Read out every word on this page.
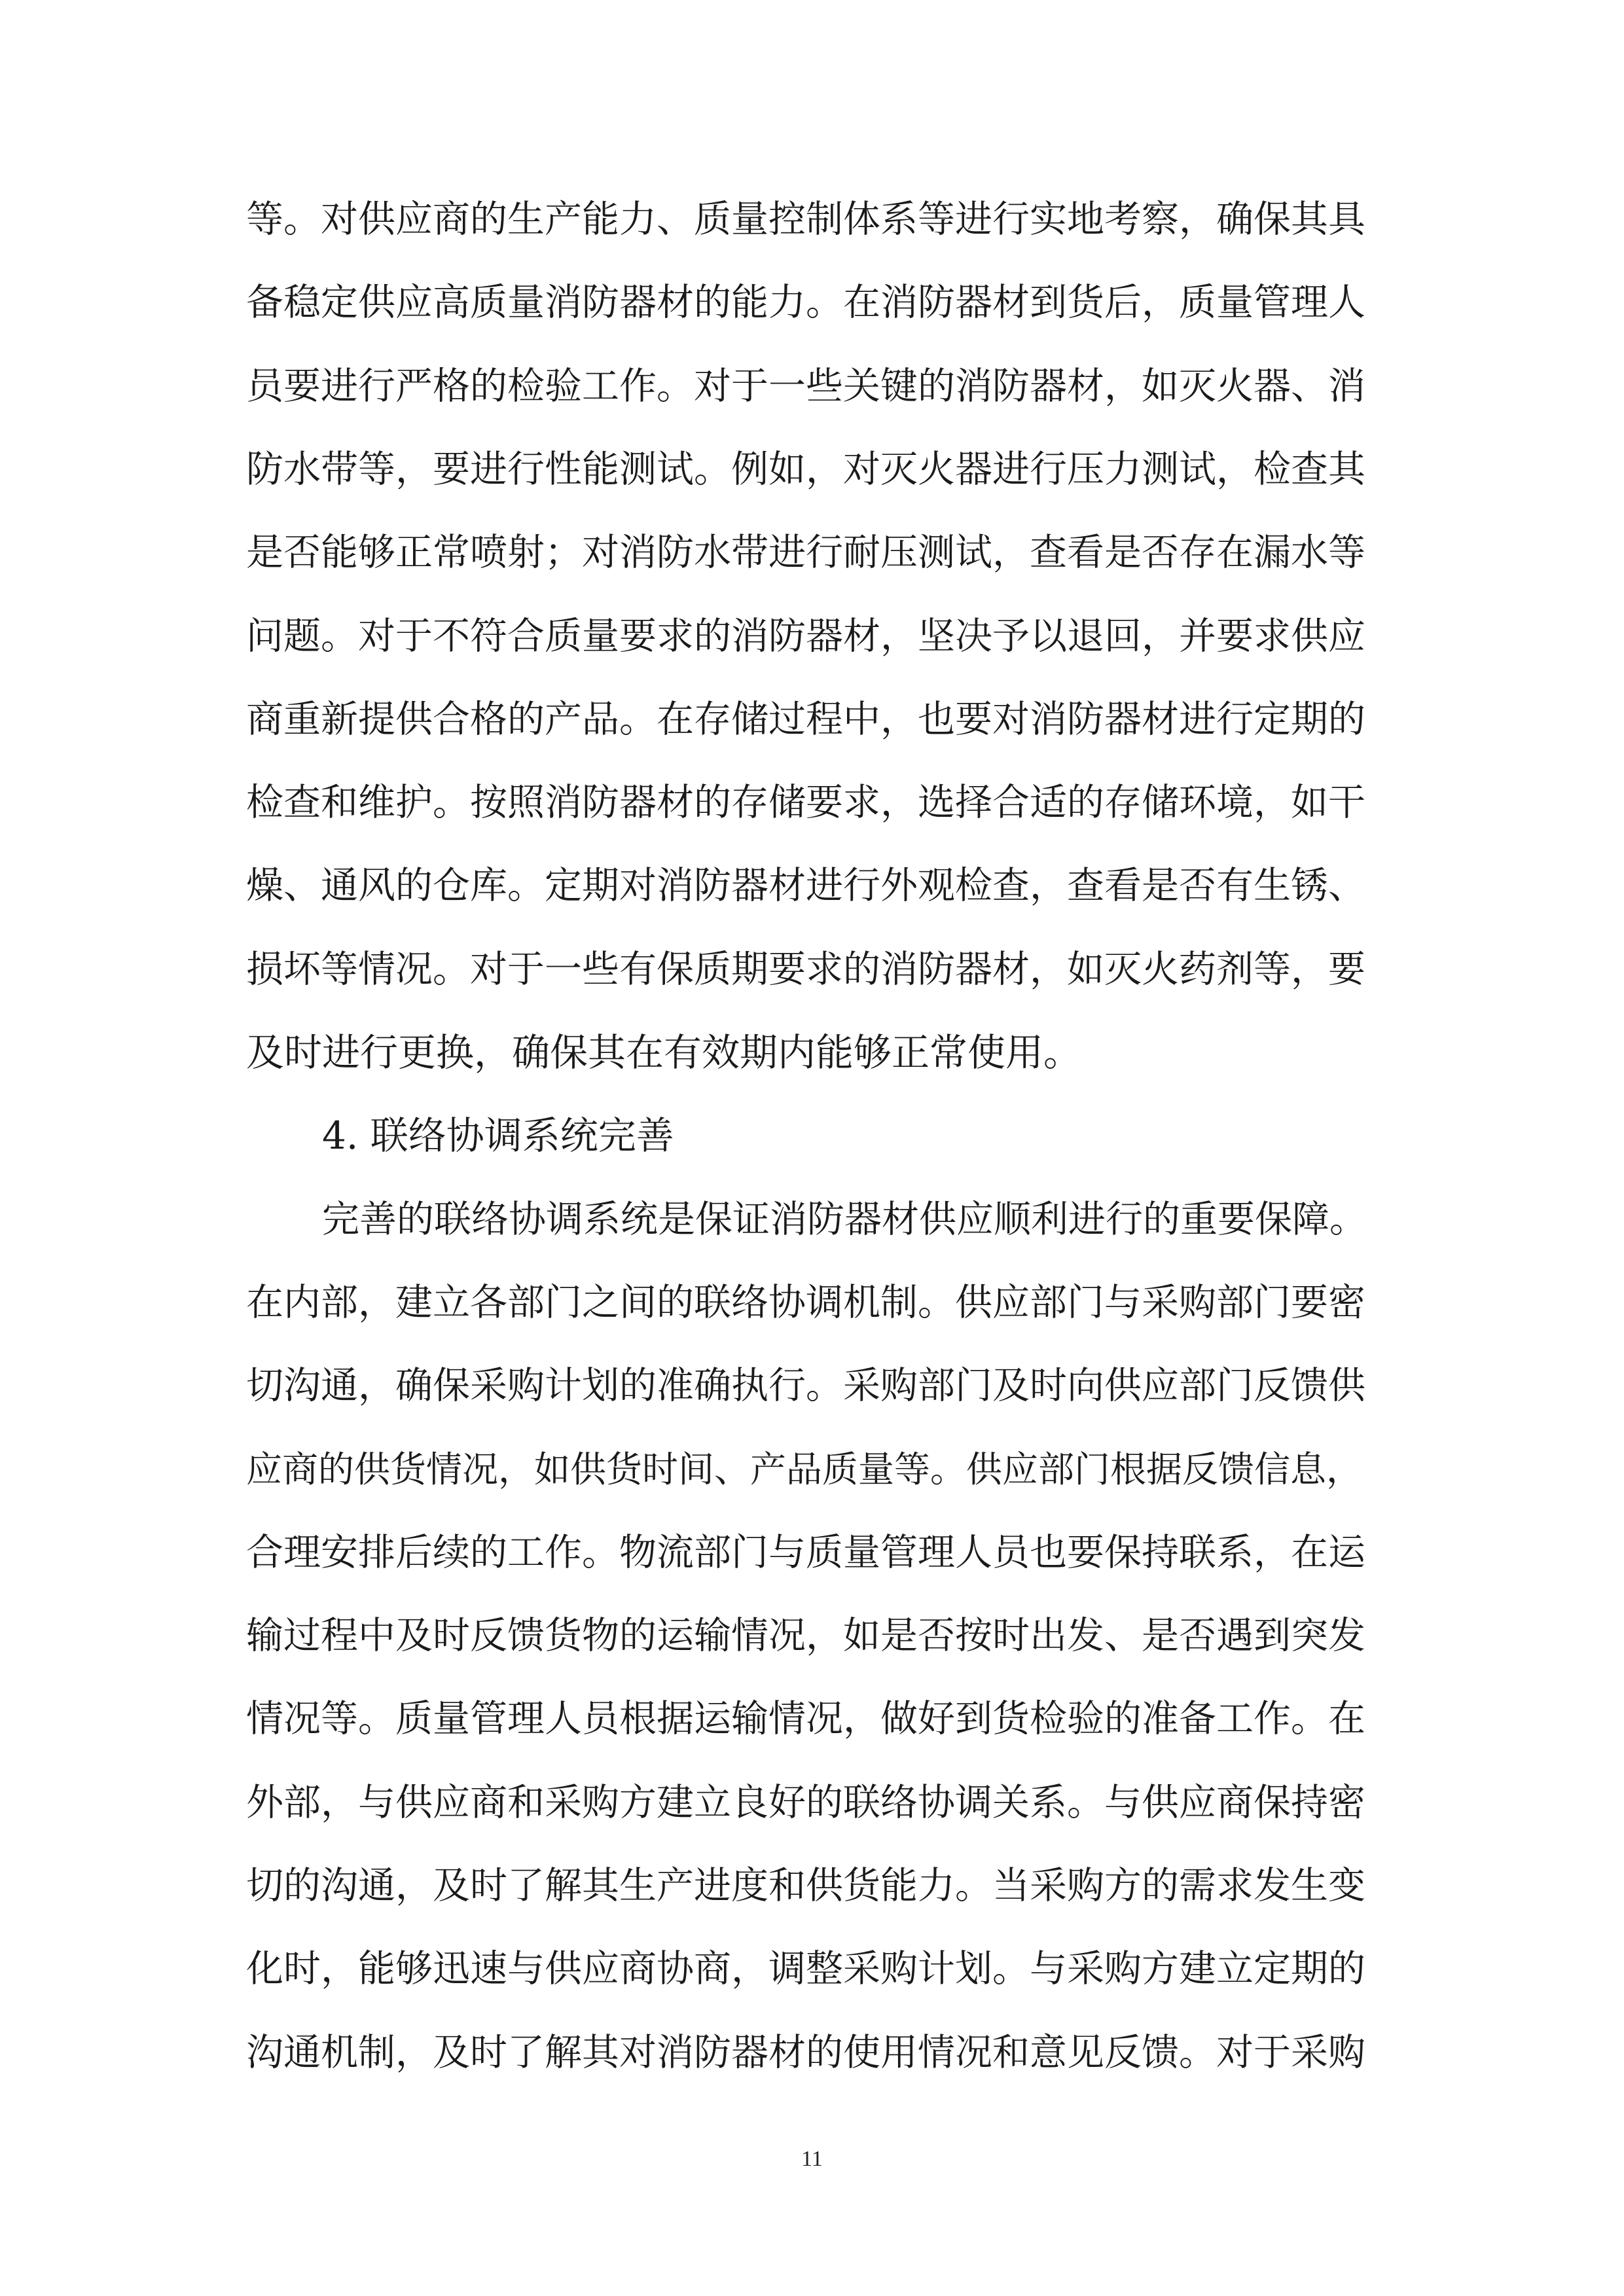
等。对供应商的生产能力、质量控制体系等进行实地考察，确保其具
备稳定供应高质量消防器材的能力。在消防器材到货后，质量管理人
员要进行严格的检验工作。对于一些关键的消防器材，如灭火器、消
防水带等，要进行性能测试。例如，对灭火器进行压力测试，检查其
是否能够正常喷射；对消防水带进行耐压测试，查看是否存在漏水等
问题。对于不符合质量要求的消防器材，坚决予以退回，并要求供应
商重新提供合格的产品。在存储过程中，也要对消防器材进行定期的
检查和维护。按照消防器材的存储要求，选择合适的存储环境，如干
燥、通风的仓库。定期对消防器材进行外观检查，查看是否有生锈、
损坏等情况。对于一些有保质期要求的消防器材，如灭火药剂等，要
及时进行更换，确保其在有效期内能够正常使用。
4. 联络协调系统完善
完善的联络协调系统是保证消防器材供应顺利进行的重要保障。
在内部，建立各部门之间的联络协调机制。供应部门与采购部门要密
切沟通，确保采购计划的准确执行。采购部门及时向供应部门反馈供
应商的供货情况，如供货时间、产品质量等。供应部门根据反馈信息，
合理安排后续的工作。物流部门与质量管理人员也要保持联系，在运
输过程中及时反馈货物的运输情况，如是否按时出发、是否遇到突发
情况等。质量管理人员根据运输情况，做好到货检验的准备工作。在
外部，与供应商和采购方建立良好的联络协调关系。与供应商保持密
切的沟通，及时了解其生产进度和供货能力。当采购方的需求发生变
化时，能够迅速与供应商协商，调整采购计划。与采购方建立定期的
沟通机制，及时了解其对消防器材的使用情况和意见反馈。对于采购
11
